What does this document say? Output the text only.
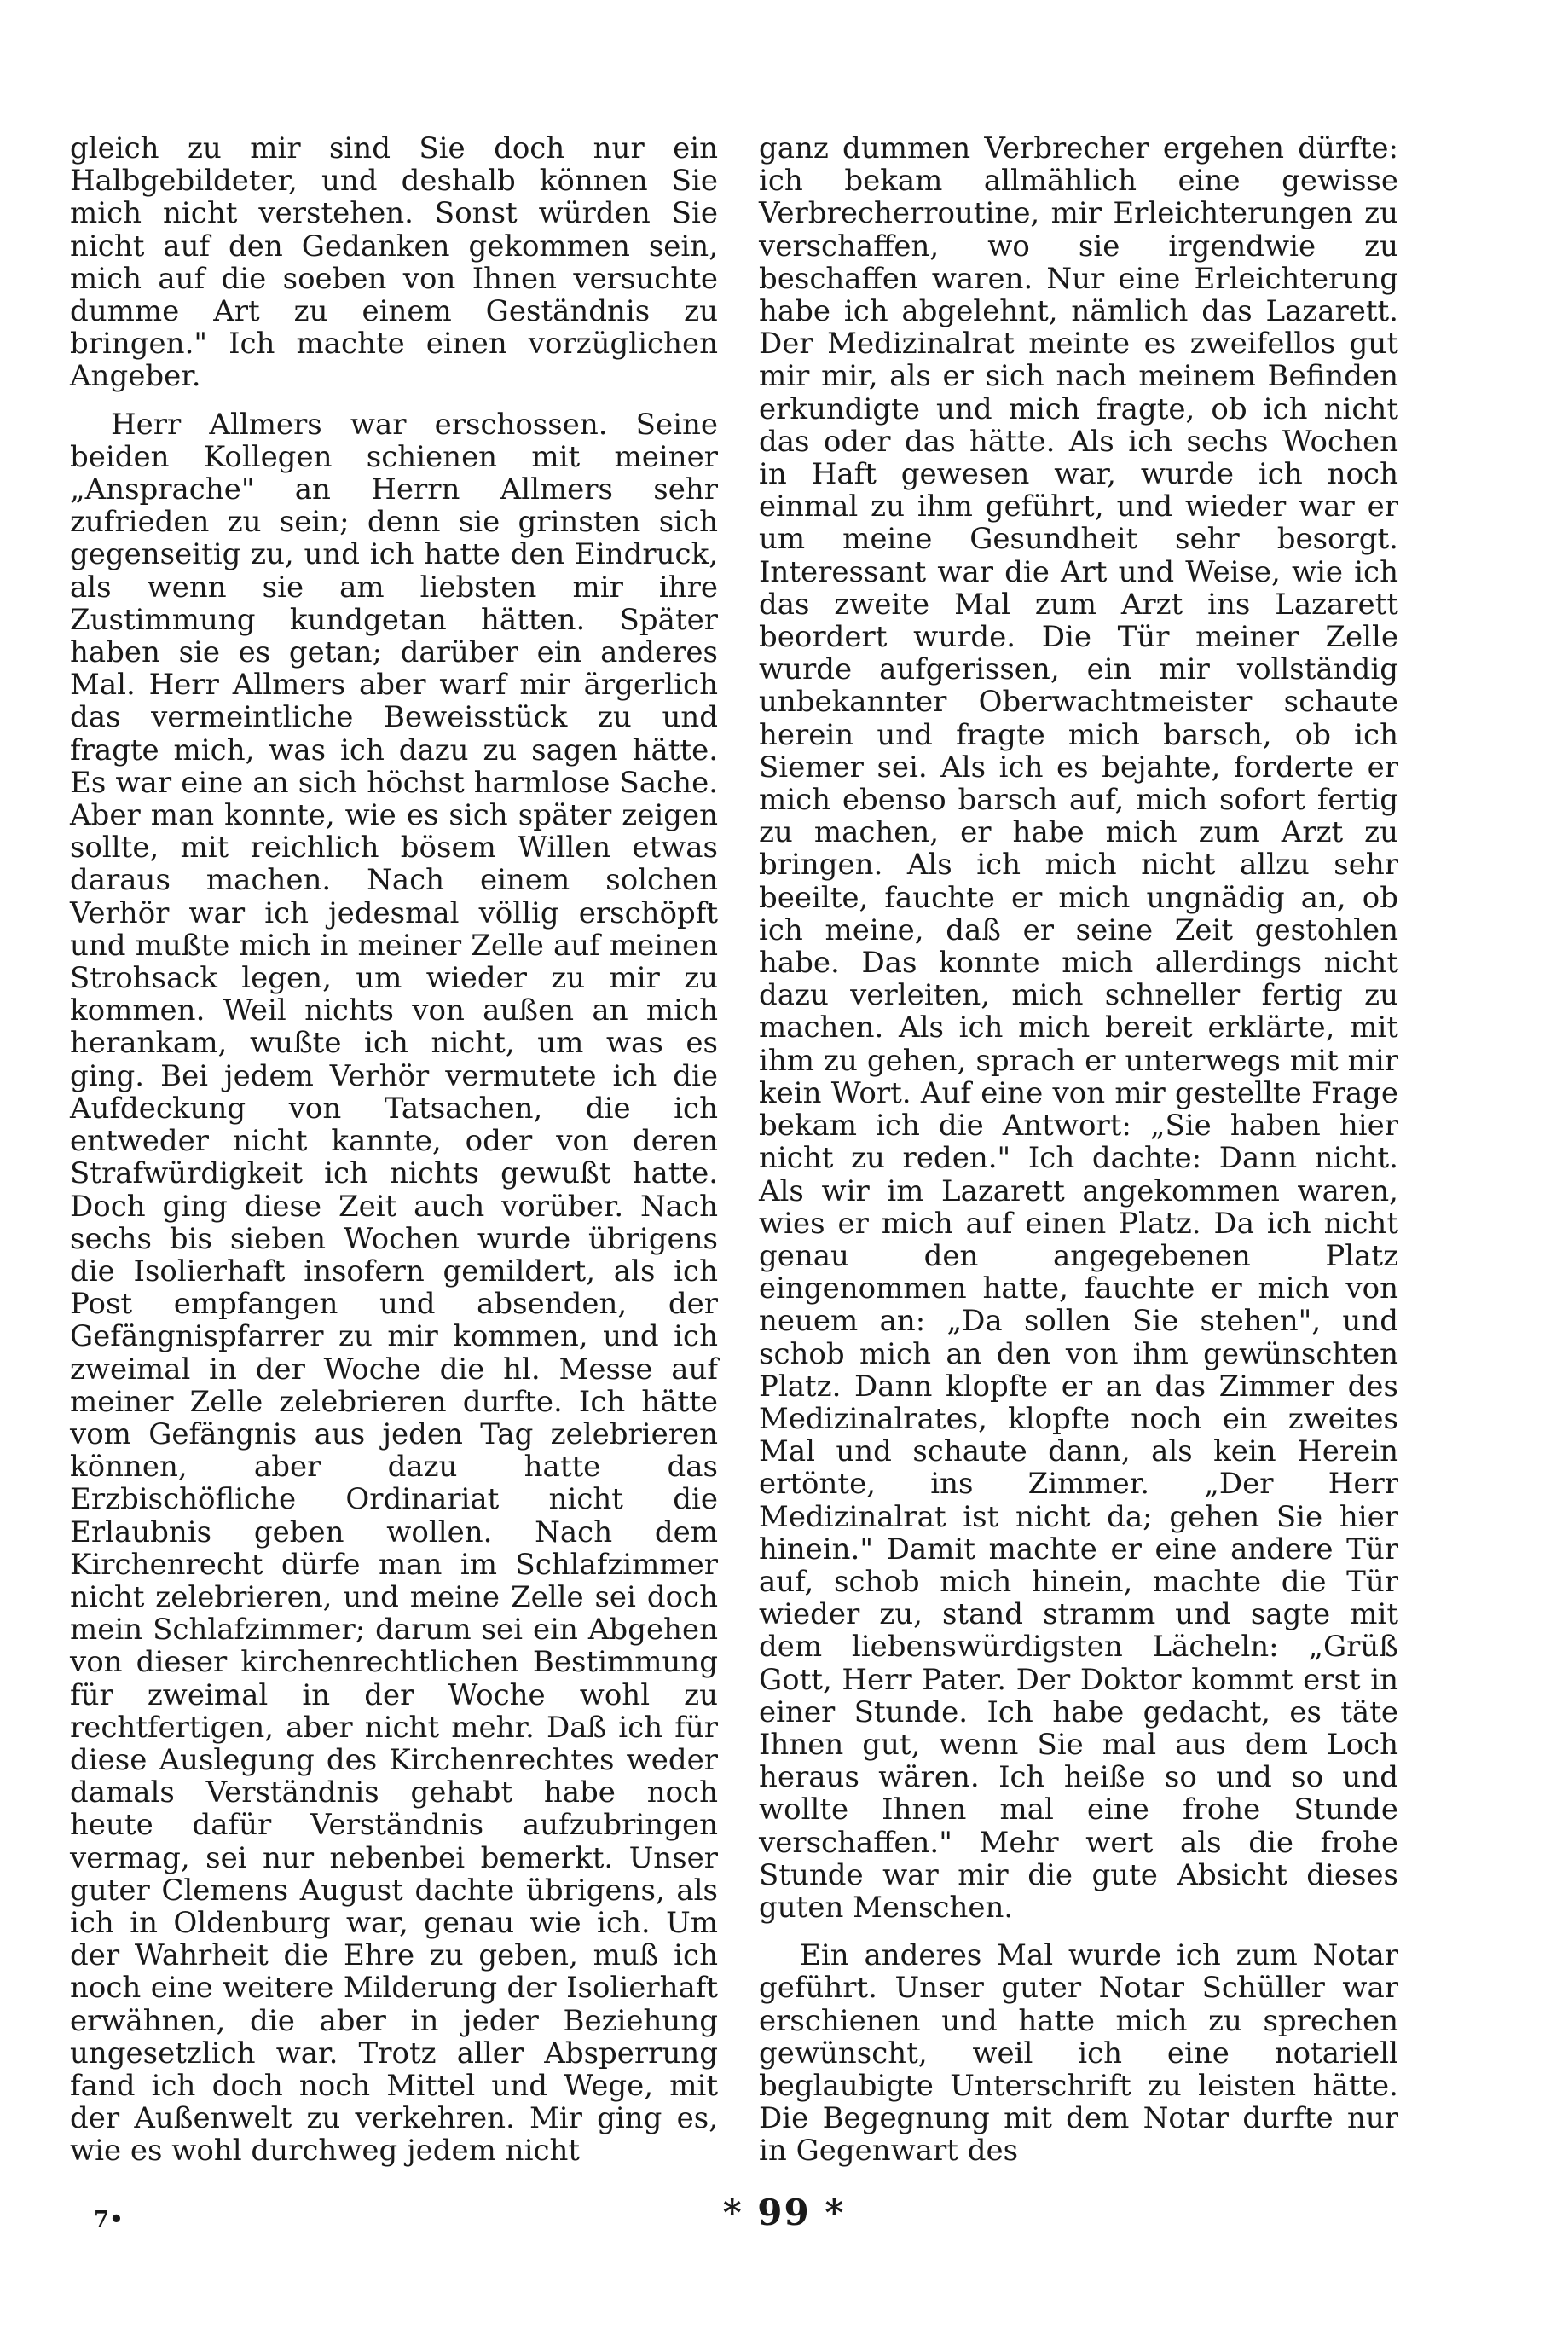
gleich zu mir sind Sie doch nur ein Halbgebildeter, und deshalb können Sie mich nicht verstehen. Sonst würden Sie nicht auf den Gedanken gekommen sein, mich auf die soeben von Ihnen versuchte dumme Art zu einem Geständnis zu bringen." Ich machte einen vorzüglichen Angeber.

Herr Allmers war erschossen. Seine beiden Kollegen schienen mit meiner „Ansprache" an Herrn Allmers sehr zufrieden zu sein; denn sie grinsten sich gegenseitig zu, und ich hatte den Eindruck, als wenn sie am liebsten mir ihre Zustimmung kundgetan hätten. Später haben sie es getan; darüber ein anderes Mal. Herr Allmers aber warf mir ärgerlich das vermeintliche Beweisstück zu und fragte mich, was ich dazu zu sagen hätte. Es war eine an sich höchst harmlose Sache. Aber man konnte, wie es sich später zeigen sollte, mit reichlich bösem Willen etwas daraus machen. Nach einem solchen Verhör war ich jedesmal völlig erschöpft und mußte mich in meiner Zelle auf meinen Strohsack legen, um wieder zu mir zu kommen. Weil nichts von außen an mich herankam, wußte ich nicht, um was es ging. Bei jedem Verhör vermutete ich die Aufdeckung von Tatsachen, die ich entweder nicht kannte, oder von deren Strafwürdigkeit ich nichts gewußt hatte. Doch ging diese Zeit auch vorüber. Nach sechs bis sieben Wochen wurde übrigens die Isolierhaft insofern gemildert, als ich Post empfangen und absenden, der Gefängnispfarrer zu mir kommen, und ich zweimal in der Woche die hl. Messe auf meiner Zelle zelebrieren durfte. Ich hätte vom Gefängnis aus jeden Tag zelebrieren können, aber dazu hatte das Erzbischöfliche Ordinariat nicht die Erlaubnis geben wollen. Nach dem Kirchenrecht dürfe man im Schlafzimmer nicht zelebrieren, und meine Zelle sei doch mein Schlafzimmer; darum sei ein Abgehen von dieser kirchenrechtlichen Bestimmung für zweimal in der Woche wohl zu rechtfertigen, aber nicht mehr. Daß ich für diese Auslegung des Kirchenrechtes weder damals Verständnis gehabt habe noch heute dafür Verständnis aufzubringen vermag, sei nur nebenbei bemerkt. Unser guter Clemens August dachte übrigens, als ich in Oldenburg war, genau wie ich. Um der Wahrheit die Ehre zu geben, muß ich noch eine weitere Milderung der Isolierhaft erwähnen, die aber in jeder Beziehung ungesetzlich war. Trotz aller Absperrung fand ich doch noch Mittel und Wege, mit der Außenwelt zu verkehren. Mir ging es, wie es wohl durchweg jedem nicht

ganz dummen Verbrecher ergehen dürfte: ich bekam allmählich eine gewisse Verbrecherroutine, mir Erleichterungen zu verschaffen, wo sie irgendwie zu beschaffen waren. Nur eine Erleichterung habe ich abgelehnt, nämlich das Lazarett. Der Medizinalrat meinte es zweifellos gut mir mir, als er sich nach meinem Befinden erkundigte und mich fragte, ob ich nicht das oder das hätte. Als ich sechs Wochen in Haft gewesen war, wurde ich noch einmal zu ihm geführt, und wieder war er um meine Gesundheit sehr besorgt. Interessant war die Art und Weise, wie ich das zweite Mal zum Arzt ins Lazarett beordert wurde. Die Tür meiner Zelle wurde aufgerissen, ein mir vollständig unbekannter Oberwachtmeister schaute herein und fragte mich barsch, ob ich Siemer sei. Als ich es bejahte, forderte er mich ebenso barsch auf, mich sofort fertig zu machen, er habe mich zum Arzt zu bringen. Als ich mich nicht allzu sehr beeilte, fauchte er mich ungnädig an, ob ich meine, daß er seine Zeit gestohlen habe. Das konnte mich allerdings nicht dazu verleiten, mich schneller fertig zu machen. Als ich mich bereit erklärte, mit ihm zu gehen, sprach er unterwegs mit mir kein Wort. Auf eine von mir gestellte Frage bekam ich die Antwort: „Sie haben hier nicht zu reden." Ich dachte: Dann nicht. Als wir im Lazarett angekommen waren, wies er mich auf einen Platz. Da ich nicht genau den angegebenen Platz eingenommen hatte, fauchte er mich von neuem an: „Da sollen Sie stehen", und schob mich an den von ihm gewünschten Platz. Dann klopfte er an das Zimmer des Medizinalrates, klopfte noch ein zweites Mal und schaute dann, als kein Herein ertönte, ins Zimmer. „Der Herr Medizinalrat ist nicht da; gehen Sie hier hinein." Damit machte er eine andere Tür auf, schob mich hinein, machte die Tür wieder zu, stand stramm und sagte mit dem liebenswürdigsten Lächeln: „Grüß Gott, Herr Pater. Der Doktor kommt erst in einer Stunde. Ich habe gedacht, es täte Ihnen gut, wenn Sie mal aus dem Loch heraus wären. Ich heiße so und so und wollte Ihnen mal eine frohe Stunde verschaffen." Mehr wert als die frohe Stunde war mir die gute Absicht dieses guten Menschen.

Ein anderes Mal wurde ich zum Notar geführt. Unser guter Notar Schüller war erschienen und hatte mich zu sprechen gewünscht, weil ich eine notariell beglaubigte Unterschrift zu leisten hätte. Die Begegnung mit dem Notar durfte nur in Gegenwart des

7•	* 99 *
